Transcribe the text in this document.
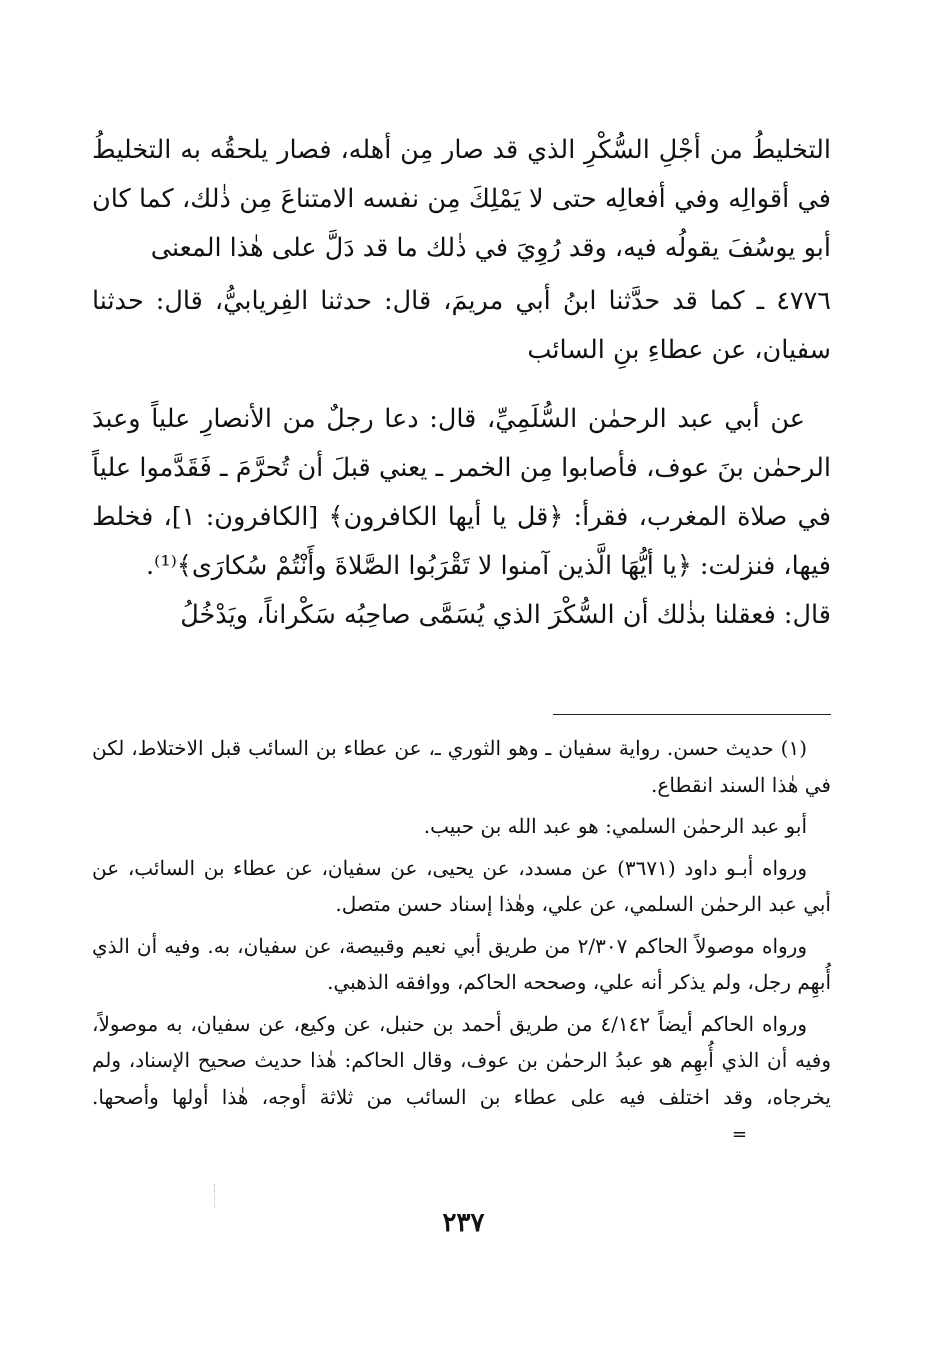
التخليطُ من أجْلِ السُّكْرِ الذي قد صار مِن أهله، فصار يلحقُه به التخليطُ في أقوالِه وفي أفعالِه حتى لا يَمْلِكَ مِن نفسه الامتناعَ مِن ذٰلك، كما كان أبو يوسُفَ يقولُه فيه، وقد رُوِيَ في ذٰلك ما قد دَلَّ على هٰذا المعنى

٤٧٧٦ ـ كما قد حدَّثنا ابنُ أبي مريمَ، قال: حدثنا الفِريابيُّ، قال: حدثنا سفيان، عن عطاءِ بنِ السائب

عن أبي عبد الرحمٰن السُّلَمِيِّ، قال: دعا رجلٌ من الأنصارِ علياً وعبدَ الرحمٰن بنَ عوف، فأصابوا مِن الخمر ـ يعني قبلَ أن تُحرَّمَ ـ فَقَدَّموا علياً في صلاة المغرب، فقرأ: ﴿قل يا أيها الكافرون﴾ [الكافرون: ١]، فخلط فيها، فنزلت: ﴿يا أيُّهَا الَّذين آمنوا لا تَقْرَبُوا الصَّلاةَ وأَنْتُمْ سُكارَى﴾⁽¹⁾.

قال: فعقلنا بذٰلك أن السُّكْرَ الذي يُسَمَّى صاحِبُه سَكْراناً، ويَدْخُلُ

(١) حديث حسن. رواية سفيان ـ وهو الثوري ـ، عن عطاء بن السائب قبل الاختلاط، لكن في هٰذا السند انقطاع.

أبو عبد الرحمٰن السلمي: هو عبد الله بن حبيب.

ورواه أبـو داود (٣٦٧١) عن مسدد، عن يحيى، عن سفيان، عن عطاء بن السائب، عن أبي عبد الرحمٰن السلمي، عن علي، وهٰذا إسناد حسن متصل.

ورواه موصولاً الحاكم ٢/٣٠٧ من طريق أبي نعيم وقبيصة، عن سفيان، به. وفيه أن الذي أُبهِم رجل، ولم يذكر أنه علي، وصححه الحاكم، ووافقه الذهبي.

ورواه الحاكم أيضاً ٤/١٤٢ من طريق أحمد بن حنبل، عن وكيع، عن سفيان، به موصولاً، وفيه أن الذي أُبهِم هو عبدُ الرحمٰن بن عوف، وقال الحاكم: هٰذا حديث صحيح الإسناد، ولم يخرجاه، وقد اختلف فيه على عطاء بن السائب من ثلاثة أوجه، هٰذا أولها وأصحها.=

٢٣٧
